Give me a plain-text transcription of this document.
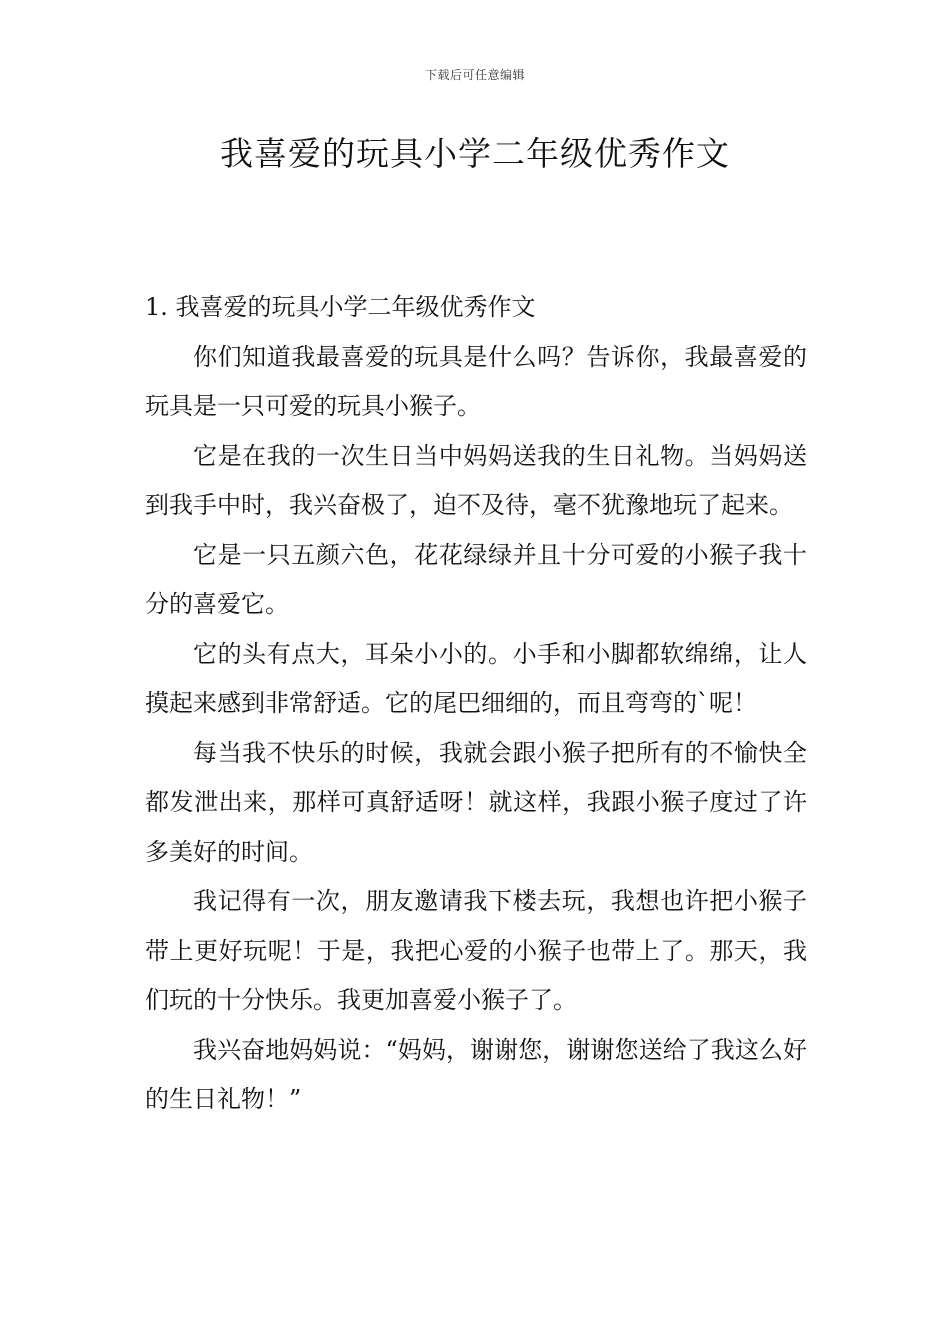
下载后可任意编辑
我喜爱的玩具小学二年级优秀作文

1. 我喜爱的玩具小学二年级优秀作文

你们知道我最喜爱的玩具是什么吗？告诉你，我最喜爱的玩具是一只可爱的玩具小猴子。

它是在我的一次生日当中妈妈送我的生日礼物。当妈妈送到我手中时，我兴奋极了，迫不及待，毫不犹豫地玩了起来。

它是一只五颜六色，花花绿绿并且十分可爱的小猴子我十分的喜爱它。

它的头有点大，耳朵小小的。小手和小脚都软绵绵，让人摸起来感到非常舒适。它的尾巴细细的，而且弯弯的`呢！

每当我不快乐的时候，我就会跟小猴子把所有的不愉快全都发泄出来，那样可真舒适呀！就这样，我跟小猴子度过了许多美好的时间。

我记得有一次，朋友邀请我下楼去玩，我想也许把小猴子带上更好玩呢！于是，我把心爱的小猴子也带上了。那天，我们玩的十分快乐。我更加喜爱小猴子了。

我兴奋地妈妈说：“妈妈，谢谢您，谢谢您送给了我这么好的生日礼物！”
